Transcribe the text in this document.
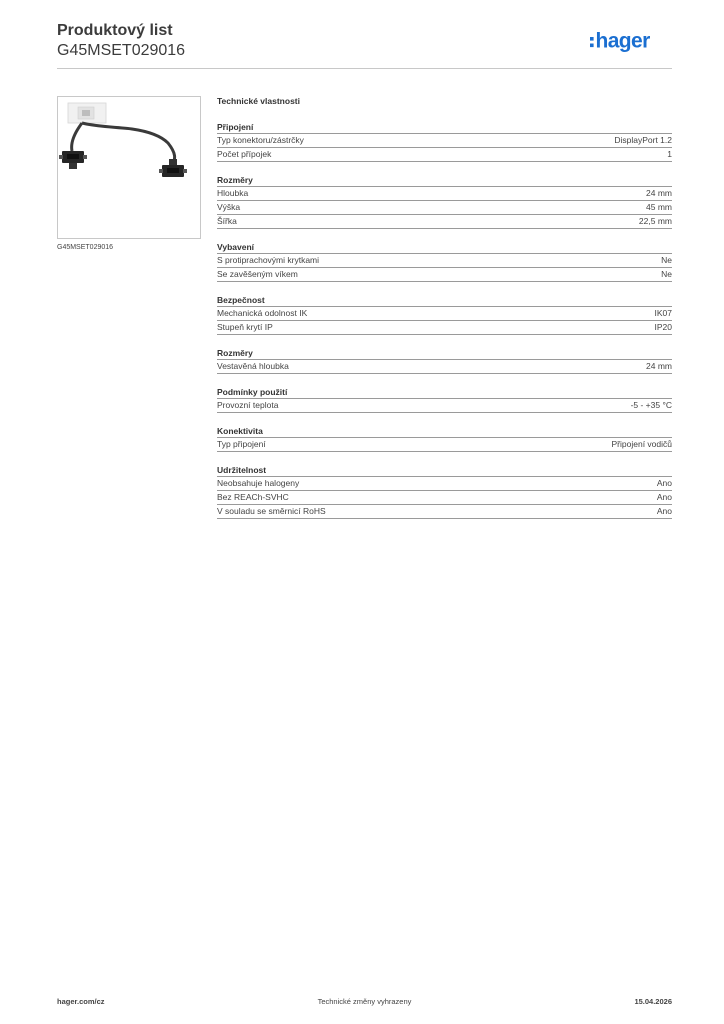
Produktový list
G45MSET029016	hager
G45MSET029016
Technické vlastnosti
Připojení
Typ konektoru/zástrčky	DisplayPort 1.2
Počet přípojek	1
Rozměry
Hloubka	24 mm
Výška	45 mm
Šířka	22,5 mm
Vybavení
S protiprachovými krytkami	Ne
Se zavěšeným víkem	Ne
Bezpečnost
Mechanická odolnost IK	IK07
Stupeň krytí IP	IP20
Rozměry
Vestavěná hloubka	24 mm
Podmínky použití
Provozní teplota	-5 - +35 °C
Konektivita
Typ připojení	Připojení vodičů
Udržitelnost
Neobsahuje halogeny	Ano
Bez REACh-SVHC	Ano
V souladu se směrnicí RoHS	Ano
hager.com/cz	Technické změny vyhrazeny	15.04.2026
